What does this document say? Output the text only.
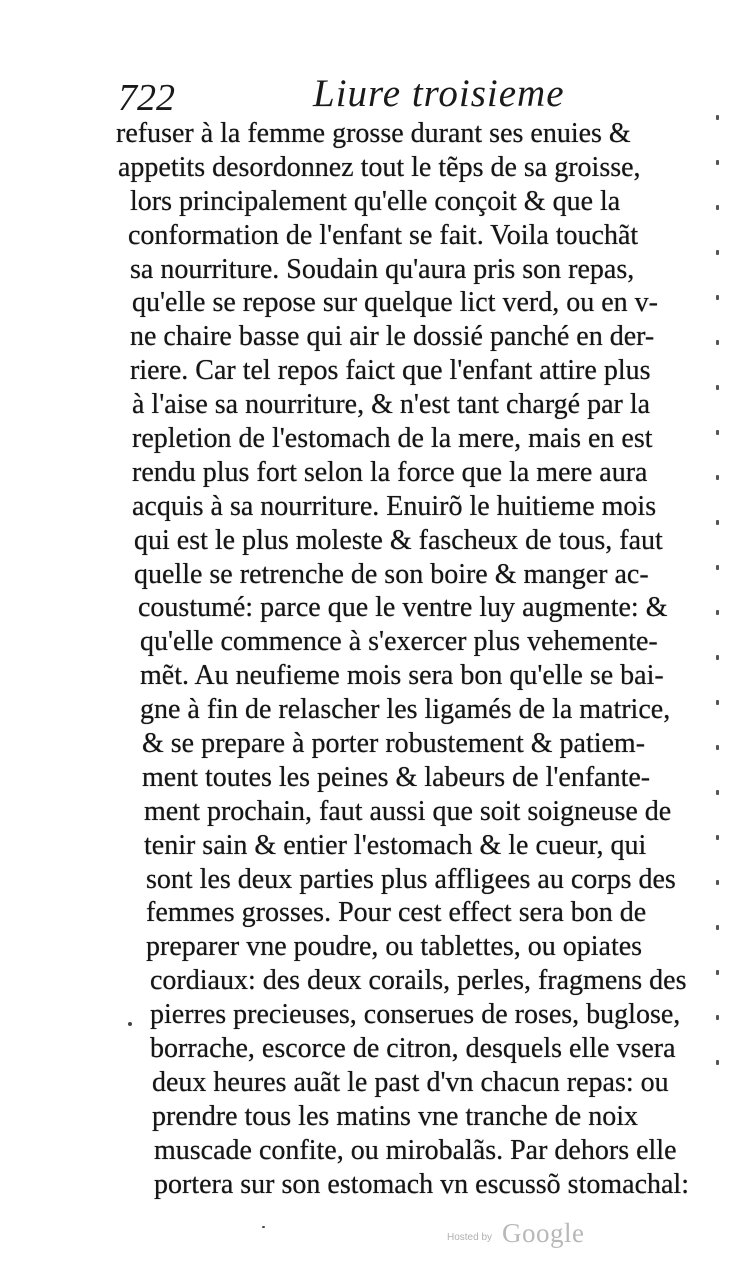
722	Liure troisieme
refuser à la femme grosse durant ses enuies &
appetits desordonnez tout le tẽps de sa groisse,
lors principalement qu'elle conçoit & que la
conformation de l'enfant se fait. Voila touchãt
sa nourriture. Soudain qu'aura pris son repas,
qu'elle se repose sur quelque lict verd, ou en v-
ne chaire basse qui air le dossié panché en der-
riere. Car tel repos faict que l'enfant attire plus
à l'aise sa nourriture, & n'est tant chargé par la
repletion de l'estomach de la mere, mais en est
rendu plus fort selon la force que la mere aura
acquis à sa nourriture. Enuirõ le huitieme mois
qui est le plus moleste & fascheux de tous, faut
quelle se retrenche de son boire & manger ac-
coustumé: parce que le ventre luy augmente: &
qu'elle commence à s'exercer plus vehemente-
mẽt. Au neufieme mois sera bon qu'elle se bai-
gne à fin de relascher les ligamés de la matrice,
& se prepare à porter robustement & patiem-
ment toutes les peines & labeurs de l'enfante-
ment prochain, faut aussi que soit soigneuse de
tenir sain & entier l'estomach & le cueur, qui
sont les deux parties plus affligees au corps des
femmes grosses. Pour cest effect sera bon de
preparer vne poudre, ou tablettes, ou opiates
cordiaux: des deux corails, perles, fragmens des
pierres precieuses, conserues de roses, buglose,
borrache, escorce de citron, desquels elle vsera
deux heures auãt le past d'vn chacun repas: ou
prendre tous les matins vne tranche de noix
muscade confite, ou mirobalãs. Par dehors elle
portera sur son estomach vn escussõ stomachal:
Hosted by Google
